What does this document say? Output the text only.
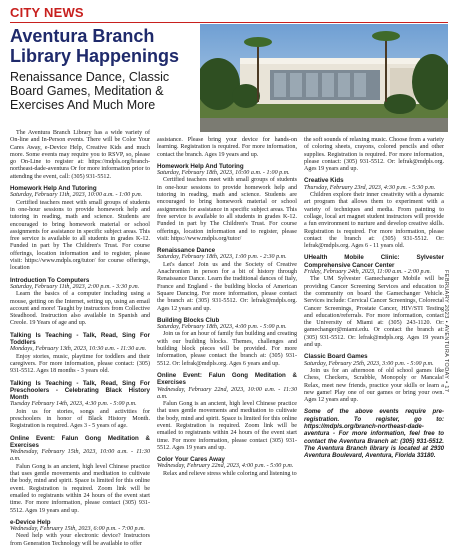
CITY NEWS
Aventura Branch Library Happenings
Renaissance Dance, Classic Board Games, Meditation & Exercises And Much More

The Aventura Branch Library has a wide variety of On-line and In-Person events. There will be Color Your Cares Away, e-Device Help, Creative Kids and much more. Some events may require you to RSVP, so, please go On-Line to register at: https://mdpls.org/branch-northeast-dade-aventura Or for more information prior to attending the event, call: (305) 931-5512.

Homework Help And Tutoring
Saturday, February 11th, 2023, 10:00 a.m. - 1:00 p.m.

Certified teachers meet with small groups of students in one-hour sessions to provide homework help and tutoring in reading, math and science. Students are encouraged to bring homework material or school assignments for assistance in specific subject areas. This free service is available to all students in grades K-12. Funded in part by The Children's Trust. For course offerings, location information and to register, please visit: https://www.mdpls.org/tutor/ for course offerings, location

Introduction To Computers
Saturday, February 11th, 2023, 2:00 p.m. - 3:30 p.m.

Learn the basics of a computer including using a mouse, getting on the Internet, setting up, using an email account and more! Taught by instructors from Collective Steadhood. Instruction also available in Spanish and Creole. 19 Years of age and up.

Talking Is Teaching - Talk, Read, Sing For Toddlers
Mondays, February 13th, 2023, 10:30 a.m. - 11:30 a.m.

Enjoy stories, music, playtime for toddlers and their caregivers. For more information, please contact: (305) 931-5512. Ages 18 months - 3 years old.

Talking Is Teaching - Talk, Read, Sing For Preschoolers - Celebrating Black History Month
Tuesday February 14th, 2023, 4:30 p.m. - 5:00 p.m.

Join us for stories, songs and activities for preschoolers in honor of Black History Month. Registration is required. Ages 3 - 5 years of age.

Online Event: Falun Gong Meditation & Exercises
Wednesday, February 15th, 2023, 10:00 a.m. - 11:30 a.m.

Falun Gong is an ancient, high level Chinese practice that uses gentle movements and meditation to cultivate the body, mind and spirit. Space is limited for this online event. Registration is required. Zoom link will be emailed to registrants within 24 hours of the event start time. For more information, please contact (305) 931-5512. Ages 19 years and up.

e-Device Help
Wednesday, February 15th, 2023, 6:00 p.m. - 7:00 p.m.

Need help with your electronic device? Instructors from Generation Technology will be available to offer

assistance. Please bring your device for hands-on learning. Registration is required. For more information, contact the branch. Ages 19 years and up.

Homework Help And Tutoring
Saturday, February 18th, 2023, 10:00 a.m. - 1:00 p.m.

Certified teachers meet with small groups of students in one-hour sessions to provide homework help and tutoring in reading, math and science. Students are encouraged to bring homework material or school assignments for assistance in specific subject areas. This free service is available to all students in grades K-12. Funded in part by The Children's Trust. For course offerings, location information and to register, please visit: https://www.mdpls.org/tutor/

Renaissance Dance
Saturday, February 18th, 2023, 1:00 p.m. - 2:30 p.m.

Let's dance! Join us and the Society of Creative Anachronism in person for a bit of history through Renaissance Dance. Learn the traditional dances of Italy, France and England - the building blocks of American Square Dancing. For more information, please contact the branch at: (305) 931-5512. Or: lefrak@mdpls.org. Ages 12 years and up.

Building Blocks Club
Saturday, February 18th, 2023, 4:00 p.m. - 5:00 p.m.

Join us for an hour of family fun building and creating with our building blocks. Themes, challenges and building block pieces will be provided. For more information, please contact the branch at: (305) 931-5512. Or: lefrak@mdpls.org. Ages 6 years and up.

Online Event: Falun Gong Meditation & Exercises
Wednesday, February 22nd, 2023, 10:00 a.m. - 11:30 a.m.

Falun Gong is an ancient, high level Chinese practice that uses gentle movements and meditation to cultivate the body, mind and spirit. Space is limited for this online event. Registration is required. Zoom link will be emailed to registrants within 24 hours of the event start time. For more information, please contact (305) 931-5512. Ages 19 years and up.

Color Your Cares Away
Wednesday, February 22nd, 2023, 4:00 p.m. - 5:00 p.m.

Relax and relieve stress while coloring and listening to

the soft sounds of relaxing music. Choose from a variety of coloring sheets, crayons, colored pencils and other supplies. Registration is required. For more information, please contact: (305) 931-5512. Or: lefrak@mdpls.org. Ages 19 years and up.

Creative Kids
Thursday, February 23rd, 2023, 4:30 p.m. - 5:30 p.m.

Children explore their inner creativity with a dynamic art program that allows them to experiment with a variety of techniques and media. From painting to collage, local art magnet student instructors will provide a fun environment to nurture and develop creative skills. Registration is required. For more information, please contact the branch at: (305) 931-5512. Or: lefrak@mdpls.org. Ages 6 - 11 years old.

UHealth Mobile Clinic: Sylvester Comprehensive Cancer Center
Friday, February 24th, 2023, 11:00 a.m. - 2:00 p.m.

The UM Sylvester Gamechanger Mobile will be providing Cancer Screening Services and education to the community on board the Gamechanger Vehicle. Services include: Cervical Cancer Screenings, Colorectal Cancer Screenings, Prostate Cancer, HIV/STI Testing and education/referrals. For more information, contact the University of Miami at: (305) 243-1120. Or: gamechanger@miami.edu. Or contact the branch at: (305) 931-5512. Or: lefrak@mdpls.org. Ages 19 years and up.

Classic Board Games
Saturday, February 25th, 2023, 3:00 p.m. - 5:00 p.m.

Join us for an afternoon of old school games like Chess, Checkers, Scrabble, Monopoly or Mancala! Relax, meet new friends, practice your skills or learn a new game! Play one of our games or bring your own. Ages 12 years and up.

Some of the above events require pre-registration. To register, go to: https://mdpls.org/branch-northeast-dade-aventura - For more information, feel free to contact the Aventura Branch at: (305) 931-5512. The Aventura Branch library is located at 2930 Aventura Boulevard, Aventura, Florida 33180.

FEBRUARY 2023 • AVENTURA TODAY • 17
